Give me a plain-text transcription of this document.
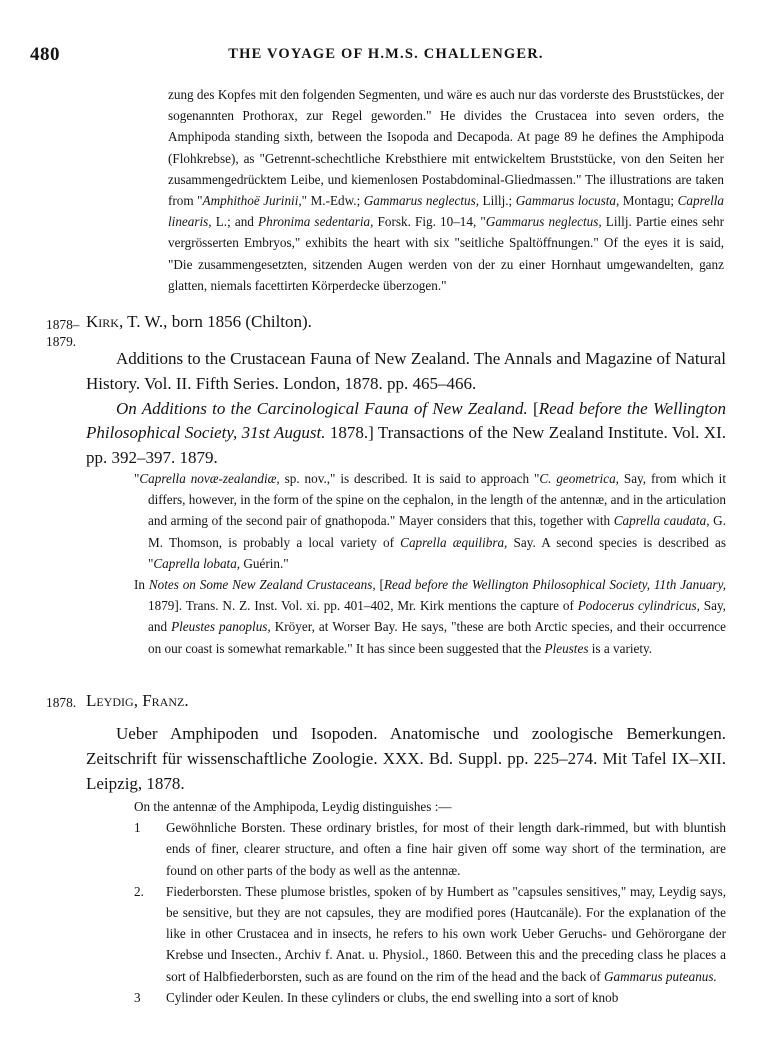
480	THE VOYAGE OF H.M.S. CHALLENGER.
zung des Kopfes mit den folgenden Segmenten, und wäre es auch nur das vorderste des Bruststückes, der sogenannten Prothorax, zur Regel geworden." He divides the Crustacea into seven orders, the Amphipoda standing sixth, between the Isopoda and Decapoda. At page 89 he defines the Amphipoda (Flohkrebse), as "Getrennt-schechtliche Krebsthiere mit entwickeltem Bruststücke, von den Seiten her zusammengedrücktem Leibe, und kiemenlosen Postabdominal-Gliedmassen." The illustrations are taken from "Amphithoë Jurinii," M.-Edw.; Gammarus neglectus, Lillj.; Gammarus locusta, Montagu; Caprella linearis, L.; and Phronima sedentaria, Forsk. Fig. 10–14, "Gammarus neglectus, Lillj. Partie eines sehr vergrösserten Embryos," exhibits the heart with six "seitliche Spaltöffnungen." Of the eyes it is said, "Die zusammengesetzten, sitzenden Augen werden von der zu einer Hornhaut umgewandelten, ganz glatten, niemals facettirten Körperdecke überzogen."
1878–
1879.
Kirk, T. W., born 1856 (Chilton).
Additions to the Crustacean Fauna of New Zealand. The Annals and Magazine of Natural History. Vol. II. Fifth Series. London, 1878. pp. 465–466.
On Additions to the Carcinological Fauna of New Zealand. [Read before the Wellington Philosophical Society, 31st August. 1878.] Transactions of the New Zealand Institute. Vol. XI. pp. 392–397. 1879.

"Caprella novæ-zealandiæ, sp. nov.," is described. It is said to approach "C. geometrica, Say, from which it differs, however, in the form of the spine on the cephalon, in the length of the antennæ, and in the articulation and arming of the second pair of gnathopoda." Mayer considers that this, together with Caprella caudata, G. M. Thomson, is probably a local variety of Caprella æquilibra, Say. A second species is described as "Caprella lobata, Guérin."

In Notes on Some New Zealand Crustaceans, [Read before the Wellington Philosophical Society, 11th January, 1879]. Trans. N. Z. Inst. Vol. xi. pp. 401–402, Mr. Kirk mentions the capture of Podocerus cylindricus, Say, and Pleustes panoplus, Kröyer, at Worser Bay. He says, "these are both Arctic species, and their occurrence on our coast is somewhat remarkable." It has since been suggested that the Pleustes is a variety.

1878. Leydig, Franz.
Ueber Amphipoden und Isopoden. Anatomische und zoologische Bemerkungen. Zeitschrift für wissenschaftliche Zoologie. XXX. Bd. Suppl. pp. 225–274. Mit Tafel IX–XII. Leipzig, 1878.

On the antennæ of the Amphipoda, Leydig distinguishes :—

1 Gewöhnliche Borsten. These ordinary bristles, for most of their length dark-rimmed, but with bluntish ends of finer, clearer structure, and often a fine hair given off some way short of the termination, are found on other parts of the body as well as the antennæ.
2. Fiederborsten. These plumose bristles, spoken of by Humbert as "capsules sensitives," may, Leydig says, be sensitive, but they are not capsules, they are modified pores (Hautcanäle). For the explanation of the like in other Crustacea and in insects, he refers to his own work Ueber Geruchs- und Gehörorgane der Krebse und Insecten., Archiv f. Anat. u. Physiol., 1860. Between this and the preceding class he places a sort of Halbfiederborsten, such as are found on the rim of the head and the back of Gammarus puteanus.
3 Cylinder oder Keulen. In these cylinders or clubs, the end swelling into a sort of knob
